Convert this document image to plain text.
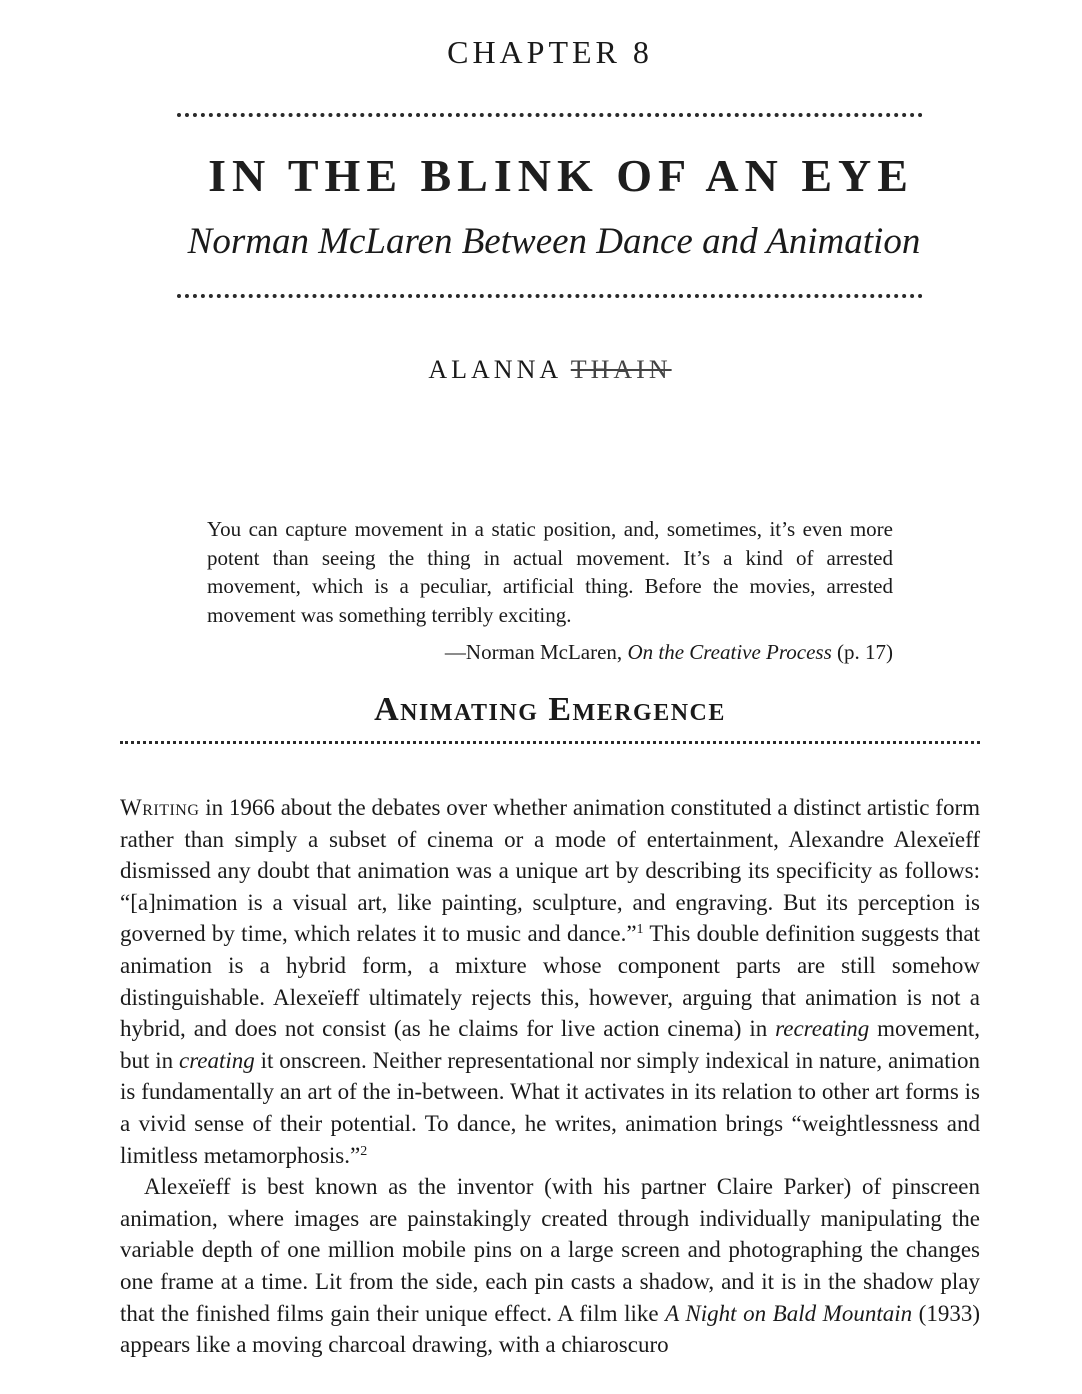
CHAPTER 8
IN THE BLINK OF AN EYE
Norman McLaren Between Dance and Animation
ALANNA THAIN

You can capture movement in a static position, and, sometimes, it’s even more potent than seeing the thing in actual movement. It’s a kind of arrested movement, which is a peculiar, artificial thing. Before the movies, arrested movement was something terribly exciting.

—Norman McLaren, On the Creative Process (p. 17)
Animating Emergence

Writing in 1966 about the debates over whether animation constituted a distinct artistic form rather than simply a subset of cinema or a mode of entertainment, Alexandre Alexeïeff dismissed any doubt that animation was a unique art by describing its specificity as follows: “[a]nimation is a visual art, like painting, sculpture, and engraving. But its perception is governed by time, which relates it to music and dance.”$^1$ This double definition suggests that animation is a hybrid form, a mixture whose component parts are still somehow distinguishable. Alexeïeff ultimately rejects this, however, arguing that animation is not a hybrid, and does not consist (as he claims for live action cinema) in recreating movement, but in creating it onscreen. Neither representational nor simply indexical in nature, animation is fundamentally an art of the in-between. What it activates in its relation to other art forms is a vivid sense of their potential. To dance, he writes, animation brings “weightlessness and limitless metamorphosis.”$^2$

Alexeïeff is best known as the inventor (with his partner Claire Parker) of pinscreen animation, where images are painstakingly created through individually manipulating the variable depth of one million mobile pins on a large screen and photographing the changes one frame at a time. Lit from the side, each pin casts a shadow, and it is in the shadow play that the finished films gain their unique effect. A film like A Night on Bald Mountain (1933) appears like a moving charcoal drawing, with a chiaroscuro
